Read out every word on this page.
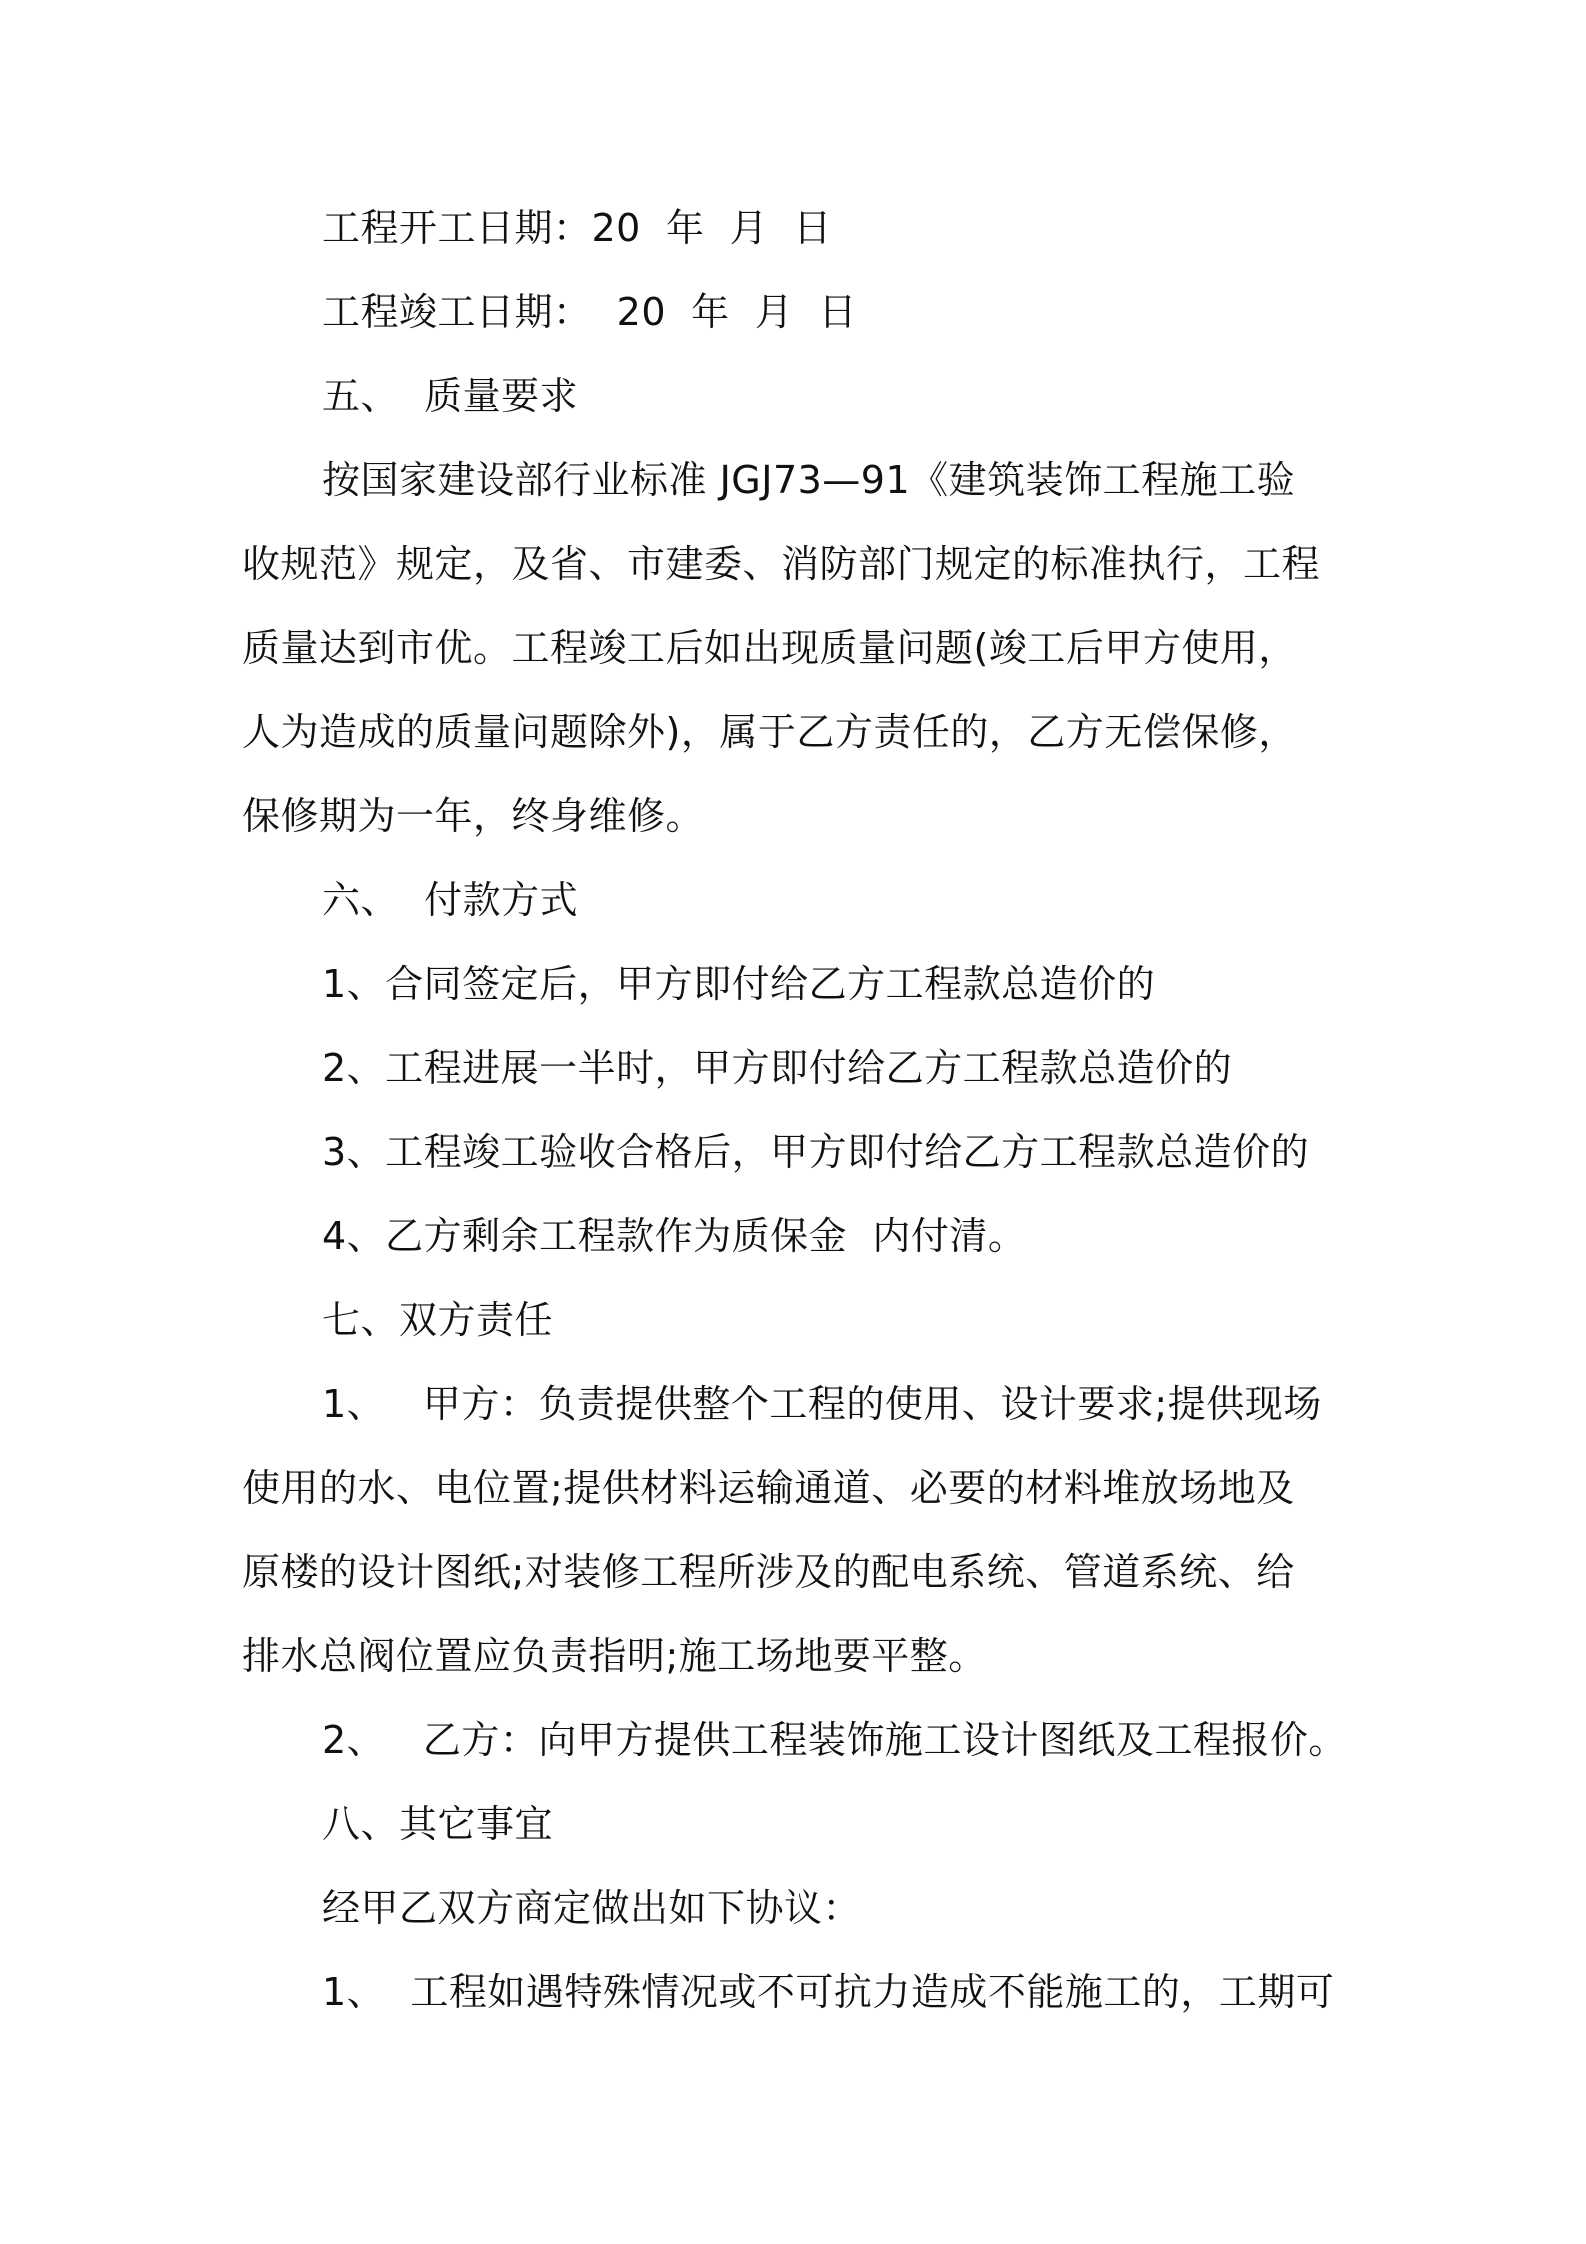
工程开工日期：20  年  月  日
工程竣工日期：  20  年  月  日
五、  质量要求
按国家建设部行业标准 JGJ73—91《建筑装饰工程施工验
收规范》规定，及省、市建委、消防部门规定的标准执行，工程
质量达到市优。工程竣工后如出现质量问题(竣工后甲方使用，
人为造成的质量问题除外)，属于乙方责任的，乙方无偿保修，
保修期为一年，终身维修。
六、  付款方式
1、合同签定后，甲方即付给乙方工程款总造价的
2、工程进展一半时，甲方即付给乙方工程款总造价的
3、工程竣工验收合格后，甲方即付给乙方工程款总造价的
4、乙方剩余工程款作为质保金  内付清。
七、双方责任
1、   甲方：负责提供整个工程的使用、设计要求;提供现场
使用的水、电位置;提供材料运输通道、必要的材料堆放场地及
原楼的设计图纸;对装修工程所涉及的配电系统、管道系统、给
排水总阀位置应负责指明;施工场地要平整。
2、   乙方：向甲方提供工程装饰施工设计图纸及工程报价。
八、其它事宜
经甲乙双方商定做出如下协议：
1、  工程如遇特殊情况或不可抗力造成不能施工的，工期可
